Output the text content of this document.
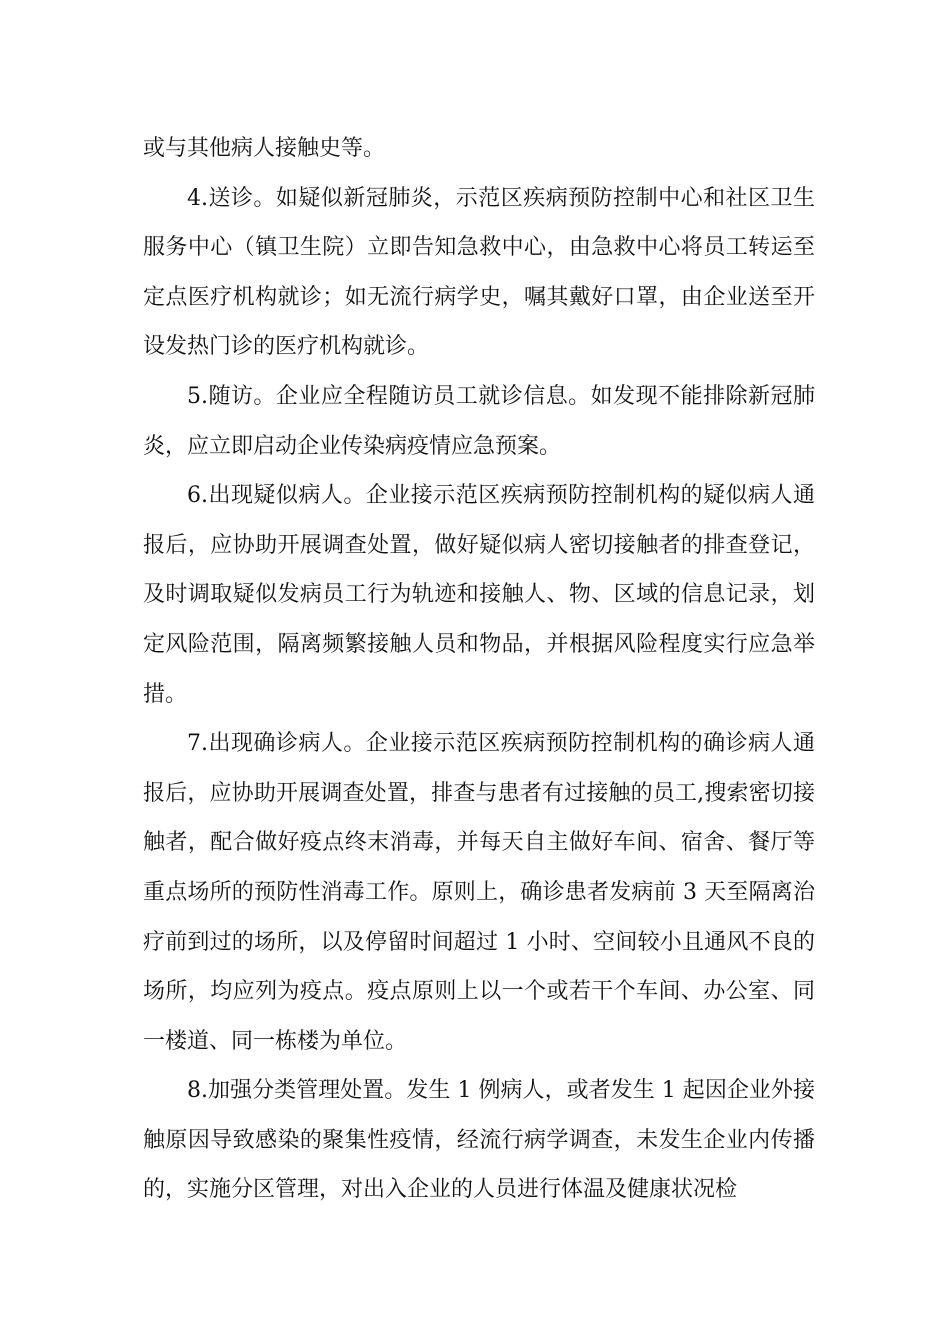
或与其他病人接触史等。

4.送诊。如疑似新冠肺炎，示范区疾病预防控制中心和社区卫生服务中心（镇卫生院）立即告知急救中心，由急救中心将员工转运至定点医疗机构就诊；如无流行病学史，嘱其戴好口罩，由企业送至开设发热门诊的医疗机构就诊。

5.随访。企业应全程随访员工就诊信息。如发现不能排除新冠肺炎，应立即启动企业传染病疫情应急预案。

6.出现疑似病人。企业接示范区疾病预防控制机构的疑似病人通报后，应协助开展调查处置，做好疑似病人密切接触者的排查登记，及时调取疑似发病员工行为轨迹和接触人、物、区域的信息记录，划定风险范围，隔离频繁接触人员和物品，并根据风险程度实行应急举措。

7.出现确诊病人。企业接示范区疾病预防控制机构的确诊病人通报后，应协助开展调查处置，排查与患者有过接触的员工,搜索密切接触者，配合做好疫点终末消毒，并每天自主做好车间、宿舍、餐厅等重点场所的预防性消毒工作。原则上，确诊患者发病前 3 天至隔离治疗前到过的场所，以及停留时间超过 1 小时、空间较小且通风不良的场所，均应列为疫点。疫点原则上以一个或若干个车间、办公室、同一楼道、同一栋楼为单位。

8.加强分类管理处置。发生 1 例病人，或者发生 1 起因企业外接触原因导致感染的聚集性疫情，经流行病学调查，未发生企业内传播的，实施分区管理，对出入企业的人员进行体温及健康状况检
